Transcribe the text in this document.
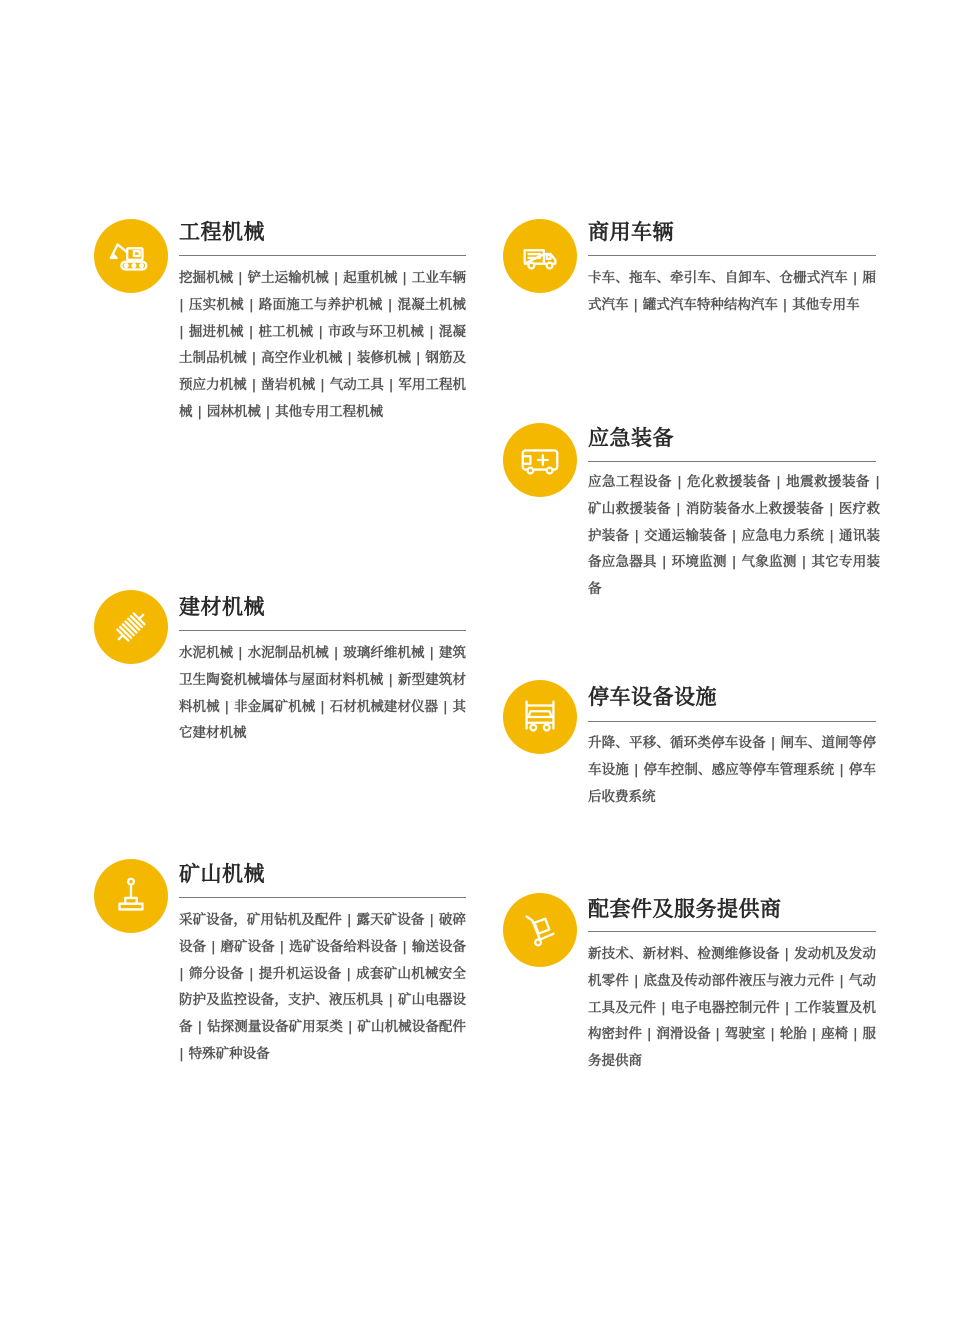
工程机械
挖掘机械 | 铲土运输机械 | 起重机械 | 工业车辆 | 压实机械 | 路面施工与养护机械 | 混凝土机械 | 掘进机械 | 桩工机械 | 市政与环卫机械 | 混凝土制品机械 | 高空作业机械 | 装修机械 | 钢筋及预应力机械 | 凿岩机械 | 气动工具 | 军用工程机械 | 园林机械 | 其他专用工程机械
商用车辆
卡车、拖车、牵引车、自卸车、仓栅式汽车 | 厢式汽车 | 罐式汽车特种结构汽车 | 其他专用车
应急装备
应急工程设备 | 危化救援装备 | 地震救援装备 | 矿山救援装备 | 消防装备水上救援装备 | 医疗救护装备 | 交通运输装备 | 应急电力系统 | 通讯装备应急器具 | 环境监测 | 气象监测 | 其它专用装备
建材机械
水泥机械 | 水泥制品机械 | 玻璃纤维机械 | 建筑卫生陶瓷机械墙体与屋面材料机械 | 新型建筑材料机械 | 非金属矿机械 | 石材机械建材仪器 | 其它建材机械
停车设备设施
升降、平移、循环类停车设备 | 闸车、道闸等停车设施 | 停车控制、感应等停车管理系统 | 停车后收费系统
矿山机械
采矿设备，矿用钻机及配件 | 露天矿设备 | 破碎设备 | 磨矿设备 | 选矿设备给料设备 | 输送设备 | 筛分设备 | 提升机运设备 | 成套矿山机械安全防护及监控设备，支护、液压机具 | 矿山电器设备 | 钻探测量设备矿用泵类 | 矿山机械设备配件 | 特殊矿种设备
配套件及服务提供商
新技术、新材料、检测维修设备 | 发动机及发动机零件 | 底盘及传动部件液压与液力元件 | 气动工具及元件 | 电子电器控制元件 | 工作装置及机构密封件 | 润滑设备 | 驾驶室 | 轮胎 | 座椅 | 服务提供商
